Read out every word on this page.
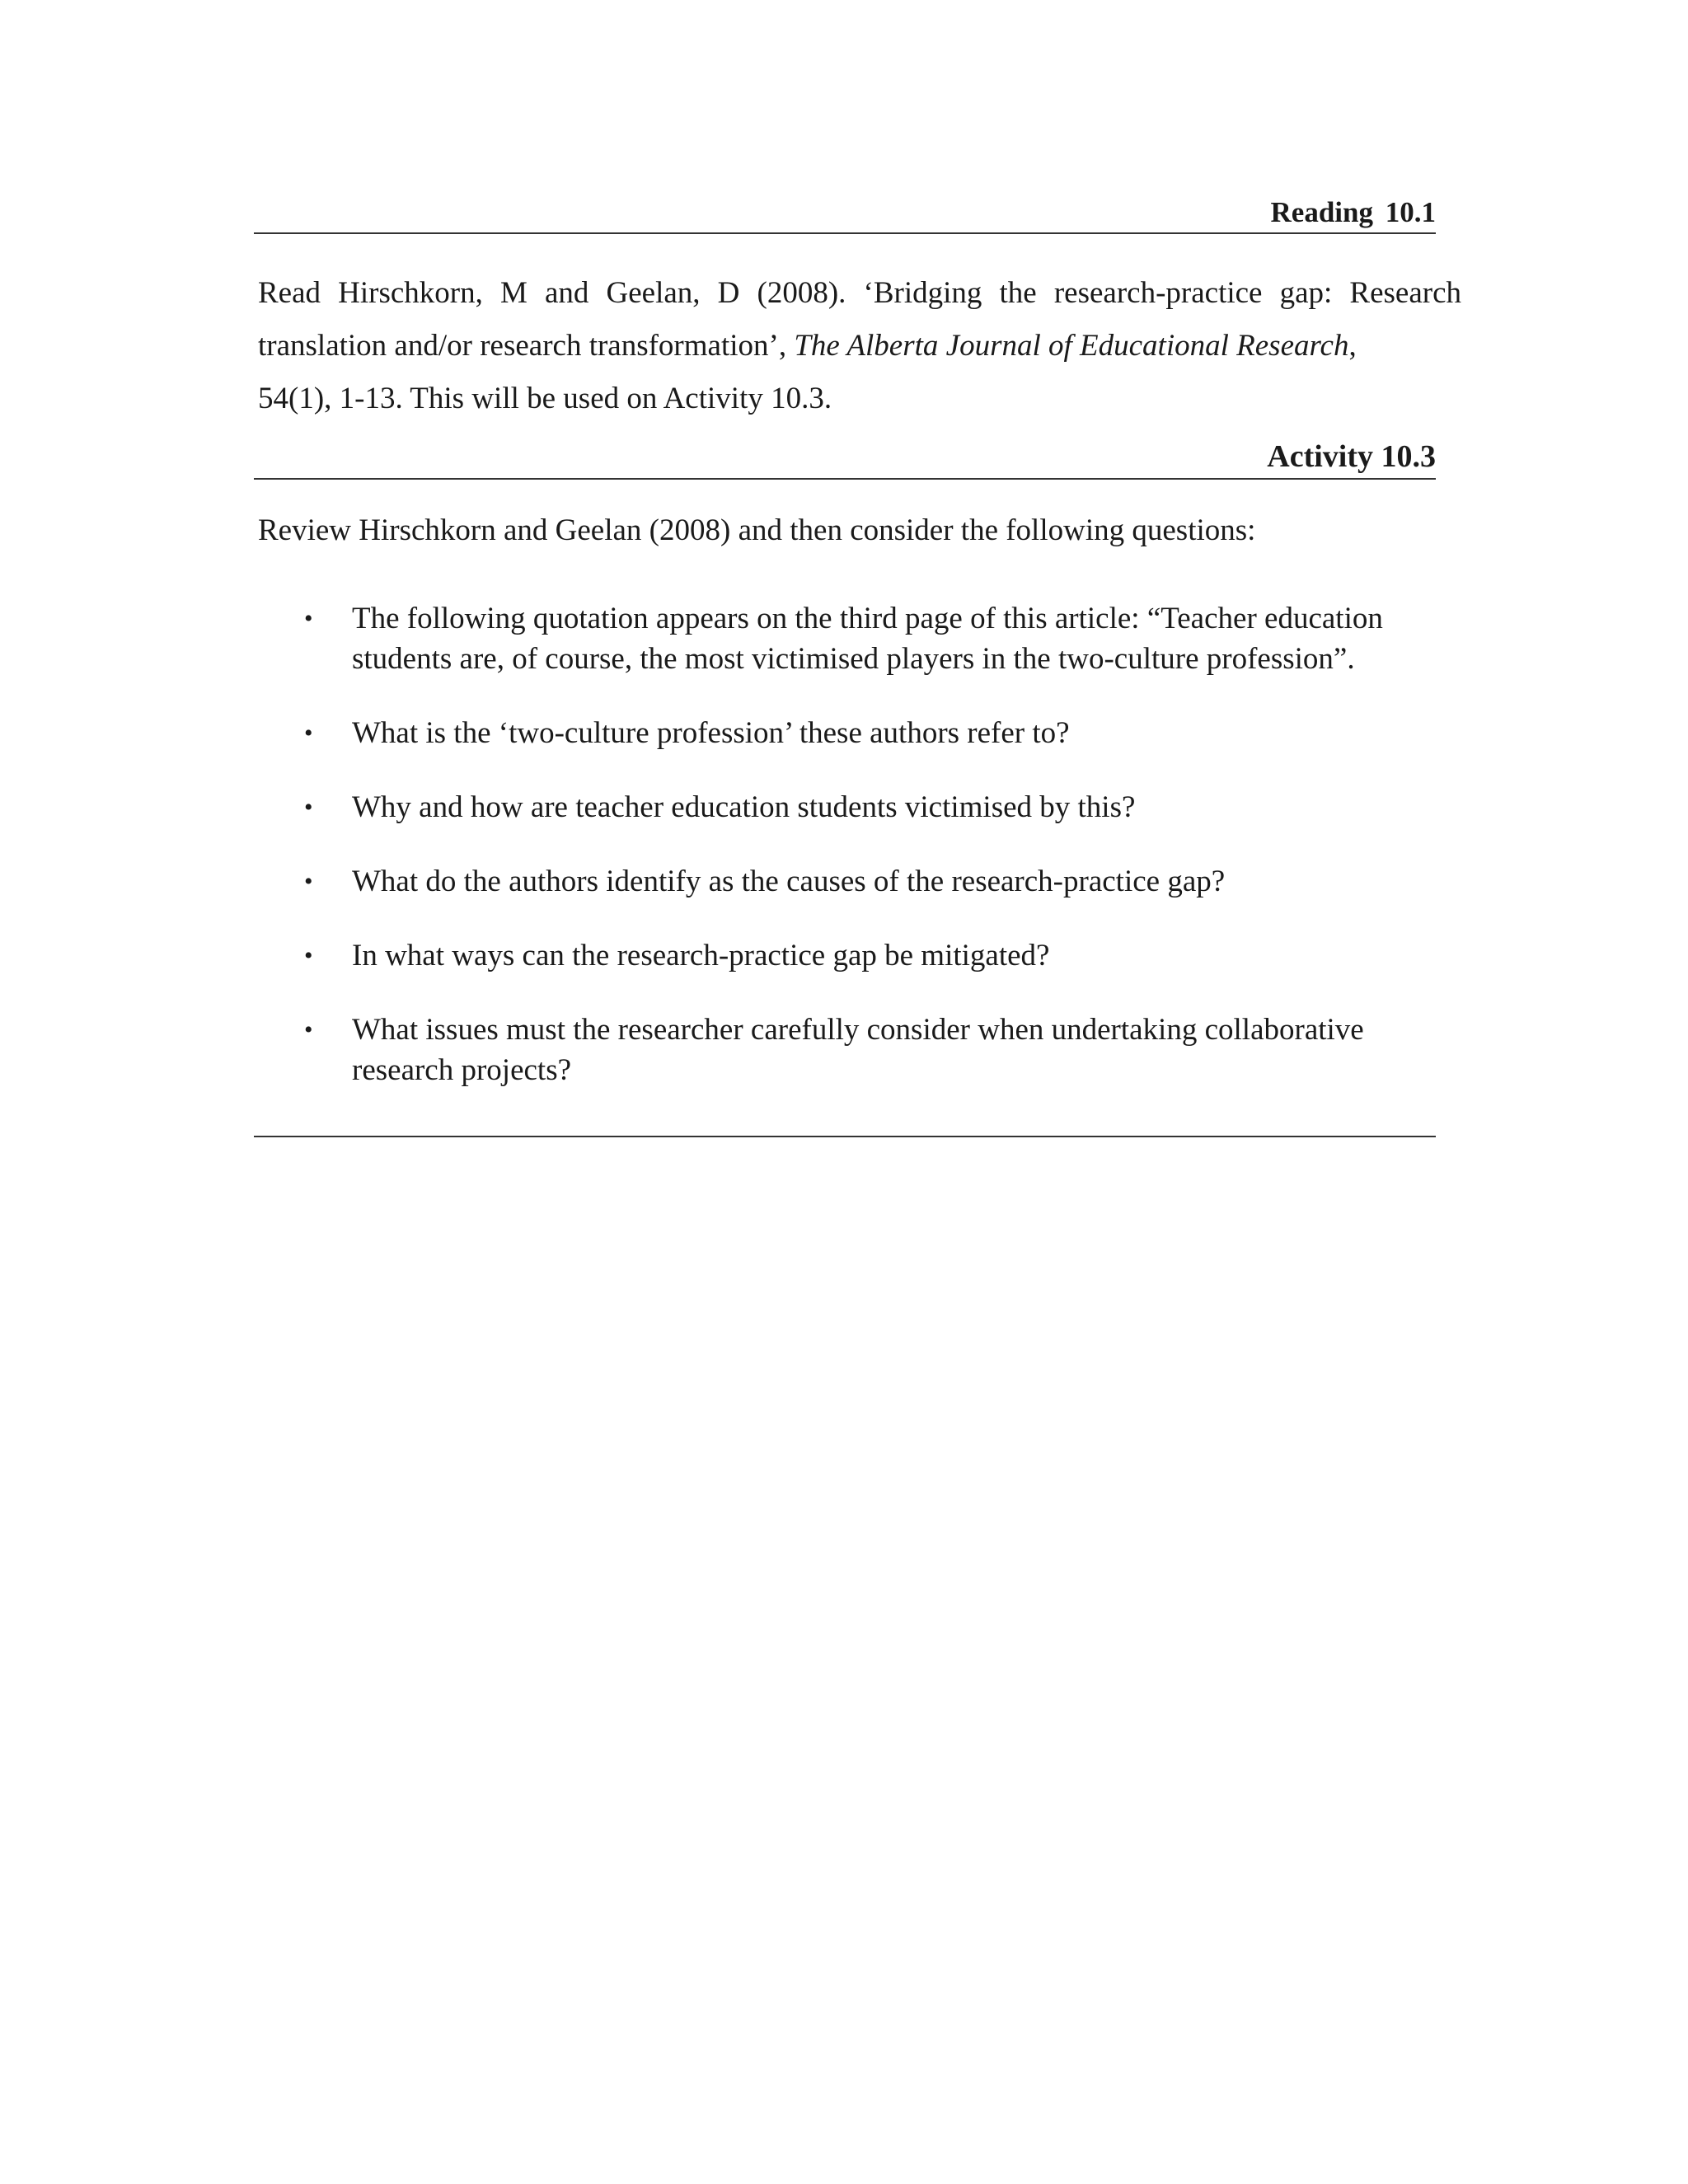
Reading 10.1

Read Hirschkorn, M and Geelan, D (2008). ‘Bridging the research-practice gap: Research
translation and/or research transformation’, The Alberta Journal of Educational Research,
54(1), 1-13. This will be used on Activity 10.3.

Activity 10.3

Review Hirschkorn and Geelan (2008) and then consider the following questions:

• The following quotation appears on the third page of this article: “Teacher education students are, of course, the most victimised players in the two-culture profession”.
• What is the ‘two-culture profession’ these authors refer to?
• Why and how are teacher education students victimised by this?
• What do the authors identify as the causes of the research-practice gap?
• In what ways can the research-practice gap be mitigated?
• What issues must the researcher carefully consider when undertaking collaborative research projects?
